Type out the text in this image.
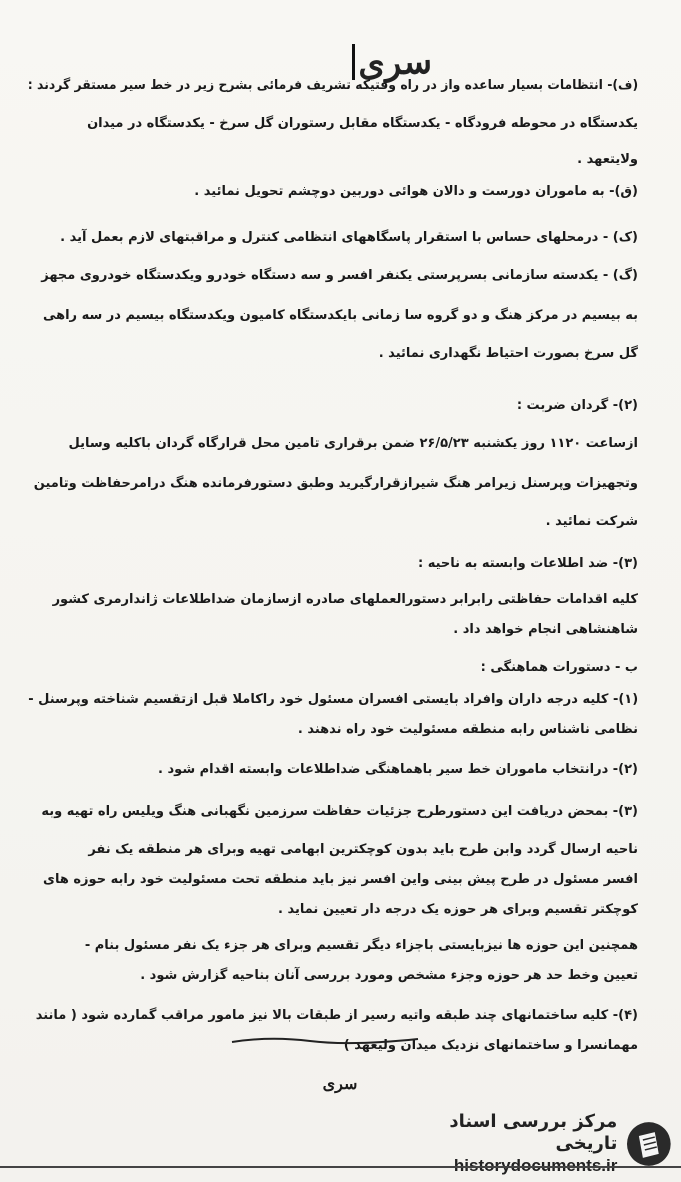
سری
(ف)- انتظامات بسیار ساعده واز در راه وقتیکه تشریف فرمائی بشرح زیر در خط سیر مستقر گردند :
یکدستگاه در محوطه فرودگاه - یکدستگاه مقابل رستوران گل سرخ - یکدستگاه در میدان
ولایتعهد .
(ق)- به ماموران دورست و دالان هوائی دوربین دوچشم تحویل نمائید .
(ک) - درمحلهای حساس با استقرار پاسگاههای انتظامی کنترل و مراقبتهای لازم بعمل آید .
(گ) - یکدسته سازمانی بسرپرستی یکنفر افسر و سه دستگاه خودرو ویکدستگاه خودروی مجهز
به بیسیم در مرکز هنگ و دو گروه سا زمانی بایکدستگاه کامیون ویکدستگاه بیسیم در سه راهی
گل سرخ بصورت احتیاط نگهداری نمائید .
(۲)- گردان ضربت :
ازساعت ۱۱۲۰ روز یکشنبه ۲۶/۵/۲۳ ضمن برقراری تامین محل قرارگاه گردان باکلیه وسایل
وتجهیزات وپرسنل زیرامر هنگ شیرازقرارگیرید وطبق دستورفرمانده هنگ درامرحفاظت وتامین
شرکت نمائید .
(۳)- ضد اطلاعات وابسته به ناحیه :
کلیه اقدامات حفاظتی رابرابر دستورالعملهای صادره ازسازمان ضداطلاعات ژاندارمری کشور
شاهنشاهی انجام خواهد داد .
ب - دستورات هماهنگی :
(۱)- کلیه درجه داران وافراد بایستی افسران مسئول خود راکاملا قبل ازتقسیم شناخته وپرسنل -
نظامی ناشناس رابه منطقه مسئولیت خود راه ندهند .
(۲)- درانتخاب ماموران خط سیر باهماهنگی ضداطلاعات وابسته اقدام شود .
(۳)- بمحض دریافت این دستورطرح جزئیات حفاظت سرزمین نگهبانی هنگ ویلیس راه تهیه وبه
ناحیه ارسال گردد وابن طرح باید بدون کوچکترین ابهامی تهیه وبرای هر منطقه یک نفر
افسر مسئول در طرح پیش بینی واین افسر نیز باید منطقه تحت مسئولیت خود رابه حوزه های
کوچکتر تقسیم وبرای هر حوزه یک درجه دار تعیین نماید .
همچنین این حوزه ها نیزبایستی باجزاء دیگر تقسیم وبرای هر جزء یک نفر مسئول بنام -
تعیین وخط حد هر حوزه وجزء مشخص ومورد بررسی آنان بناحیه گزارش شود .
(۴)- کلیه ساختمانهای چند طبقه واتیه رسیر از طبقات بالا نیز مامور مراقب گمارده شود ( مانند
مهمانسرا و ساختمانهای نزدیک میدان ولیعهد )
سری
مرکز بررسی اسناد تاریخی
